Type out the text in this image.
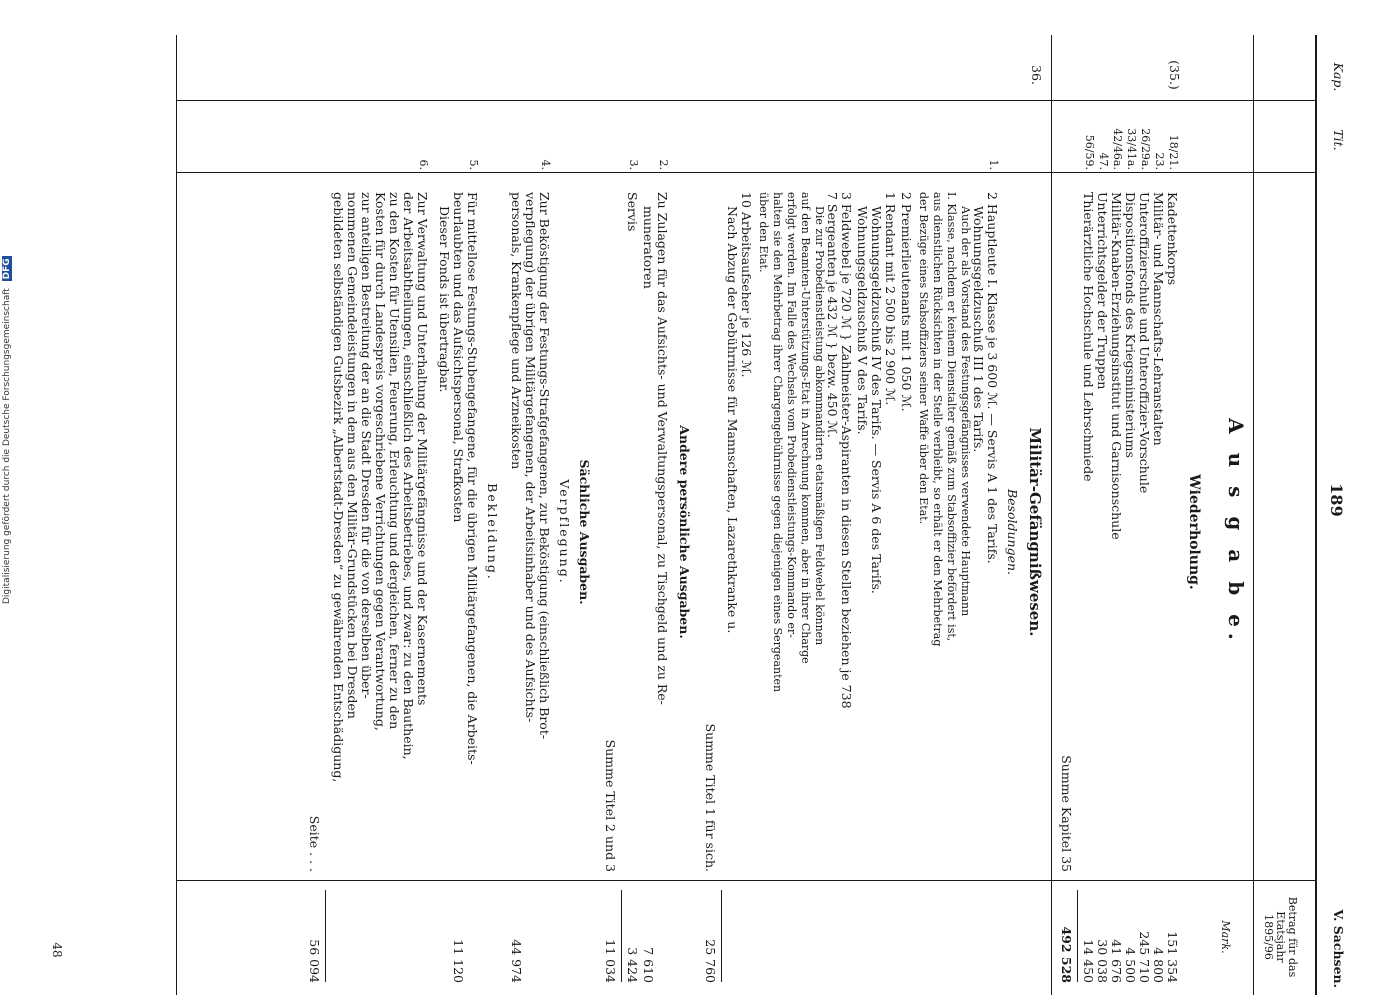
Kap.
Tit.
189
V. Sachsen.
Betrag für das Etatsjahr 1895/96
Mark.
A u s g a b e.
Wiederholung.
(35.)
18/21.
Kadettenkorps
151 354
23.
Militär- und Mannschafts-Lehranstalten
4 800
26/29a.
Unteroffizierschule und Unteroffizier-Vorschule
245 710
33/41a.
Dispositionsfonds des Kriegsministeriums
4 500
42/46a.
Militär-Knaben-Erziehungsinstitut und Garnisonschule
41 676
47.
Unterrichtsgelder der Truppen
30 038
56/59.
Thierärztliche Hochschule und Lehrschmiede
14 450
Summe Kapitel 35
492 528
36.
Militär-Gefängnißwesen.
Besoldungen.
1.
2 Hauptleute I. Klasse je 3 600 ℳ. — Servis A 1 des Tarifs.
Wohnungsgeldzuschuß III 1 des Tarifs.
Auch der als Vorstand des Festungsgefängnisses verwendete Hauptmann
I. Klasse, nachdem er keinem Dienstalter gemäß zum Stabsoffizier befördert ist,
aus dienstlichen Rücksichten in der Stelle verbleibt, so erhält er den Mehrbetrag
der Bezüge eines Stabsoffiziers seiner Waffe über den Etat.
2 Premierlieutenants mit 1 050 ℳ.
1 Rendant mit 2 500 bis 2 900 ℳ.
Wohnungsgeldzuschuß IV des Tarifs. — Servis A 6 des Tarifs.
Wohnungsgeldzuschuß V des Tarifs.
3 Feldwebel je 720 ℳ } Zahlmeister-Aspiranten in diesen Stellen beziehen je 738
7 Sergeanten je 432 ℳ } bezw. 450 ℳ.
Die zur Probedienstleistung abkommandirten etatsmäßigen Feldwebel können
auf den Beamten-Unterstützungs-Etat in Anrechnung kommen, aber in ihrer Charge
erfolgt werden. Im Falle des Wechsels vom Probedienstleistungs-Kommando er-
halten sie den Mehrbetrag ihrer Chargengebührnisse gegen diejenigen eines Sergeanten
über den Etat.
10 Arbeitsaufseher je 126 ℳ.
Nach Abzug der Gebührnisse für Mannschaften, Lazarethkranke u.
Summe Titel 1 für sich.
25 760
Andere persönliche Ausgaben.
2.
Zu Zulagen für das Aufsichts- und Verwaltungspersonal, zu Tischgeld und zu Re-
muneratoren
7 610
3.
Servis
3 424
Summe Titel 2 und 3
11 034
Sächliche Ausgaben.
Verpflegung.
4.
Zur Beköstigung der Festungs-Strafgefangenen, zur Beköstigung (einschließlich Brot-
verpflegung) der übrigen Militärgefangenen, der Arbeitsinhaber und des Aufsichts-
personals, Krankenpflege und Arzneikosten
44 974
Bekleidung.
5.
Für mittellose Festungs-Stubengefangene, für die übrigen Militärgefangenen, die Arbeits-
beurlaubten und das Aufsichtspersonal, Strafkosten
Dieser Fonds ist übertragbar.
11 120
6.
Zur Verwaltung und Unterhaltung der Militärgefängnisse und der Kasernements
der Arbeitsabtheilungen, einschließlich des Arbeitsbetriebes, und zwar: zu den Bauthein,
zu den Kosten für Utensilien, Feuerung, Erleuchtung und dergleichen, ferner zu den
Kosten für durch Landespreis vorgeschriebene Verrichtungen gegen Verantwortung,
zur anteiligen Bestreitung der an die Stadt Dresden für die von derselben über-
nommenen Gemeindeleistungen in dem aus den Militär-Grundstücken bei Dresden
gebildeten selbständigen Gutsbezirk „Albertstadt-Dresden“ zu gewährenden Entschädigung,
Seite . . .
56 094
48
Digitalisierung gefördert durch die Deutsche Forschungsgemeinschaft DFG
